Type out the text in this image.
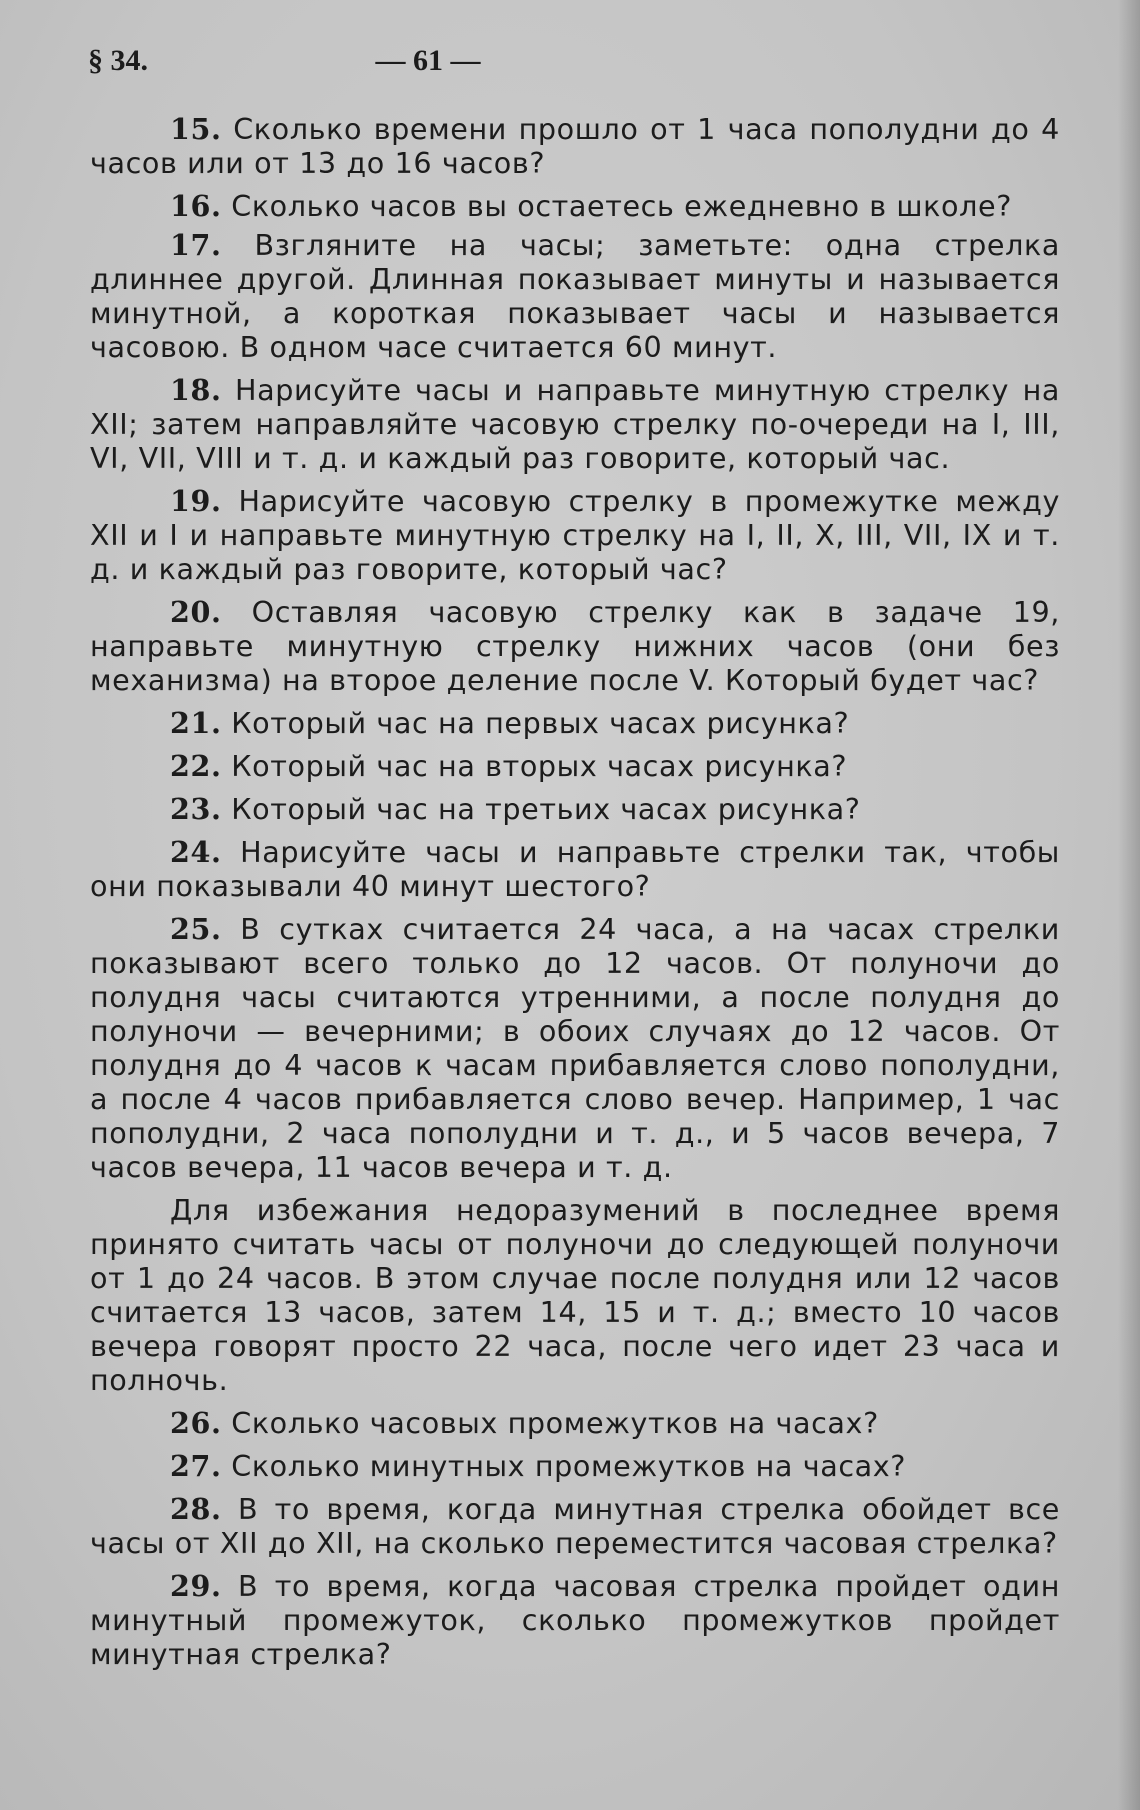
§ 34.	— 61 —

15. Сколько времени прошло от 1 часа пополудни до 4 часов или от 13 до 16 часов?

16. Сколько часов вы остаетесь ежедневно в школе?

17. Взгляните на часы; заметьте: одна стрелка длиннее другой. Длинная показывает минуты и называется минутной, а короткая показывает часы и называется часовою. В одном часе считается 60 минут.

18. Нарисуйте часы и направьте минутную стрелку на XII; затем направляйте часовую стрелку по-очереди на I, III, VI, VII, VIII и т. д. и каждый раз говорите, который час.

19. Нарисуйте часовую стрелку в промежутке между XII и I и направьте минутную стрелку на I, II, X, III, VII, IX и т. д. и каждый раз говорите, который час?

20. Оставляя часовую стрелку как в задаче 19, направьте минутную стрелку нижних часов (они без механизма) на второе деление после V. Который будет час?

21. Который час на первых часах рисунка?

22. Который час на вторых часах рисунка?

23. Который час на третьих часах рисунка?

24. Нарисуйте часы и направьте стрелки так, чтобы они показывали 40 минут шестого?

25. В сутках считается 24 часа, а на часах стрелки показывают всего только до 12 часов. От полуночи до полудня часы считаются утренними, а после полудня до полуночи — вечерними; в обоих случаях до 12 часов. От полудня до 4 часов к часам прибавляется слово пополудни, а после 4 часов прибавляется слово вечер. Например, 1 час пополудни, 2 часа пополудни и т. д., и 5 часов вечера, 7 часов вечера, 11 часов вечера и т. д.

Для избежания недоразумений в последнее время принято считать часы от полуночи до следующей полуночи от 1 до 24 часов. В этом случае после полудня или 12 часов считается 13 часов, затем 14, 15 и т. д.; вместо 10 часов вечера говорят просто 22 часа, после чего идет 23 часа и полночь.

26. Сколько часовых промежутков на часах?

27. Сколько минутных промежутков на часах?

28. В то время, когда минутная стрелка обойдет все часы от XII до XII, на сколько переместится часовая стрелка?

29. В то время, когда часовая стрелка пройдет один минутный промежуток, сколько промежутков пройдет минутная стрелка?
